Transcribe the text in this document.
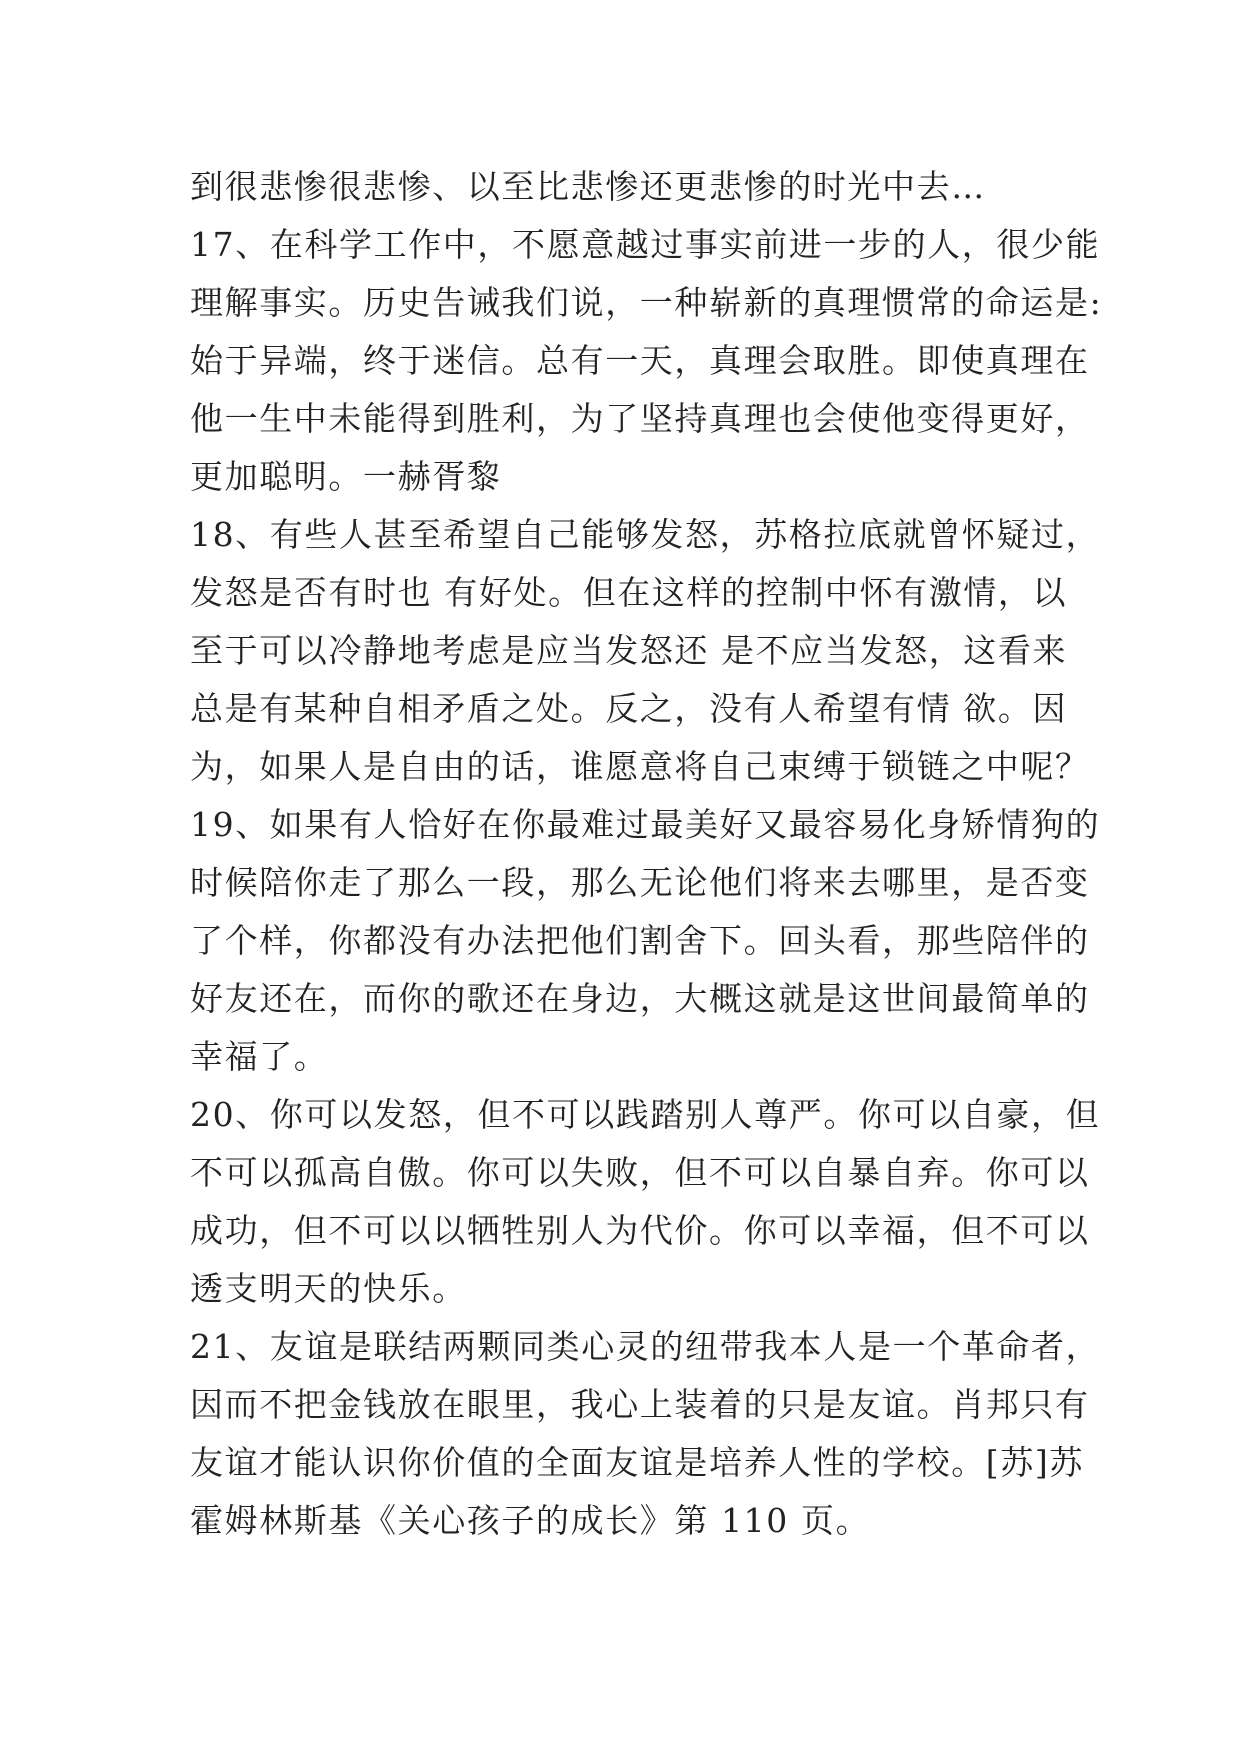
到很悲惨很悲惨、以至比悲惨还更悲惨的时光中去…
17、在科学工作中，不愿意越过事实前进一步的人，很少能
理解事实。历史告诫我们说，一种崭新的真理惯常的命运是:
始于异端，终于迷信。总有一天，真理会取胜。即使真理在
他一生中未能得到胜利，为了坚持真理也会使他变得更好，
更加聪明。一赫胥黎
18、有些人甚至希望自己能够发怒，苏格拉底就曾怀疑过，
发怒是否有时也 有好处。但在这样的控制中怀有激情，以
至于可以冷静地考虑是应当发怒还 是不应当发怒，这看来
总是有某种自相矛盾之处。反之，没有人希望有情 欲。因
为，如果人是自由的话，谁愿意将自己束缚于锁链之中呢？
19、如果有人恰好在你最难过最美好又最容易化身矫情狗的
时候陪你走了那么一段，那么无论他们将来去哪里，是否变
了个样，你都没有办法把他们割舍下。回头看，那些陪伴的
好友还在，而你的歌还在身边，大概这就是这世间最简单的
幸福了。
20、你可以发怒，但不可以践踏别人尊严。你可以自豪，但
不可以孤高自傲。你可以失败，但不可以自暴自弃。你可以
成功，但不可以以牺牲别人为代价。你可以幸福，但不可以
透支明天的快乐。
21、友谊是联结两颗同类心灵的纽带我本人是一个革命者，
因而不把金钱放在眼里，我心上装着的只是友谊。肖邦只有
友谊才能认识你价值的全面友谊是培养人性的学校。[苏]苏
霍姆林斯基《关心孩子的成长》第 110 页。
